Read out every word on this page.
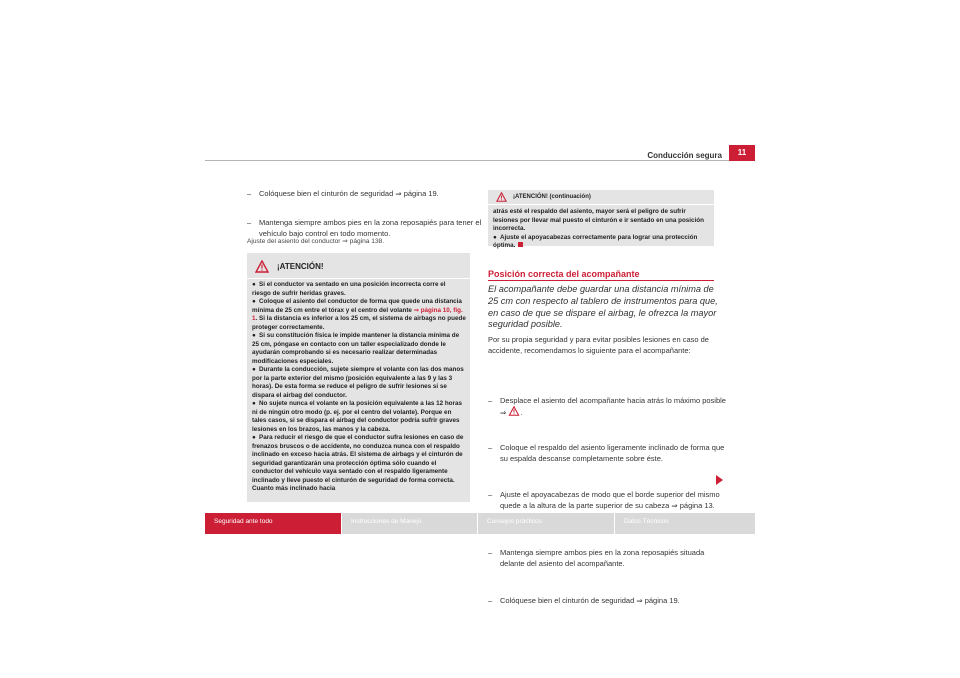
Conducción segura	11
– Colóquese bien el cinturón de seguridad ⇒ página 19.
– Mantenga siempre ambos pies en la zona reposapiés para tener el vehículo bajo control en todo momento.
Ajuste del asiento del conductor ⇒ página 138.
¡ATENCIÓN!
● Si el conductor va sentado en una posición incorrecta corre el riesgo de sufrir heridas graves.
● Coloque el asiento del conductor de forma que quede una distancia mínima de 25 cm entre el tórax y el centro del volante ⇒ página 10, fig. 1. Si la distancia es inferior a los 25 cm, el sistema de airbags no puede proteger correctamente.
● Si su constitución física le impide mantener la distancia mínima de 25 cm, póngase en contacto con un taller especializado donde le ayudarán comprobando si es necesario realizar determinadas modificaciones especiales.
● Durante la conducción, sujete siempre el volante con las dos manos por la parte exterior del mismo (posición equivalente a las 9 y las 3 horas). De esta forma se reduce el peligro de sufrir lesiones si se dispara el airbag del conductor.
● No sujete nunca el volante en la posición equivalente a las 12 horas ni de ningún otro modo (p. ej. por el centro del volante). Porque en tales casos, si se dispara el airbag del conductor podría sufrir graves lesiones en los brazos, las manos y la cabeza.
● Para reducir el riesgo de que el conductor sufra lesiones en caso de frenazos bruscos o de accidente, no conduzca nunca con el respaldo inclinado en exceso hacia atrás. El sistema de airbags y el cinturón de seguridad garantizarán una protección óptima sólo cuando el conductor del vehículo vaya sentado con el respaldo ligeramente inclinado y lleve puesto el cinturón de seguridad de forma correcta. Cuanto más inclinado hacia
¡ATENCIÓN! (continuación)
atrás esté el respaldo del asiento, mayor será el peligro de sufrir lesiones por llevar mal puesto el cinturón e ir sentado en una posición incorrecta.
● Ajuste el apoyacabezas correctamente para lograr una protección óptima.
Posición correcta del acompañante
El acompañante debe guardar una distancia mínima de 25 cm con respecto al tablero de instrumentos para que, en caso de que se dispare el airbag, le ofrezca la mayor seguridad posible.
Por su propia seguridad y para evitar posibles lesiones en caso de accidente, recomendamos lo siguiente para el acompañante:
– Desplace el asiento del acompañante hacia atrás lo máximo posible ⇒ .
– Coloque el respaldo del asiento ligeramente inclinado de forma que su espalda descanse completamente sobre éste.
– Ajuste el apoyacabezas de modo que el borde superior del mismo quede a la altura de la parte superior de su cabeza ⇒ página 13.
– Mantenga siempre ambos pies en la zona reposapiés situada delante del asiento del acompañante.
– Colóquese bien el cinturón de seguridad ⇒ página 19.
Seguridad ante todo	Instrucciones de Manejo	Consejos prácticos	Datos Técnicos
